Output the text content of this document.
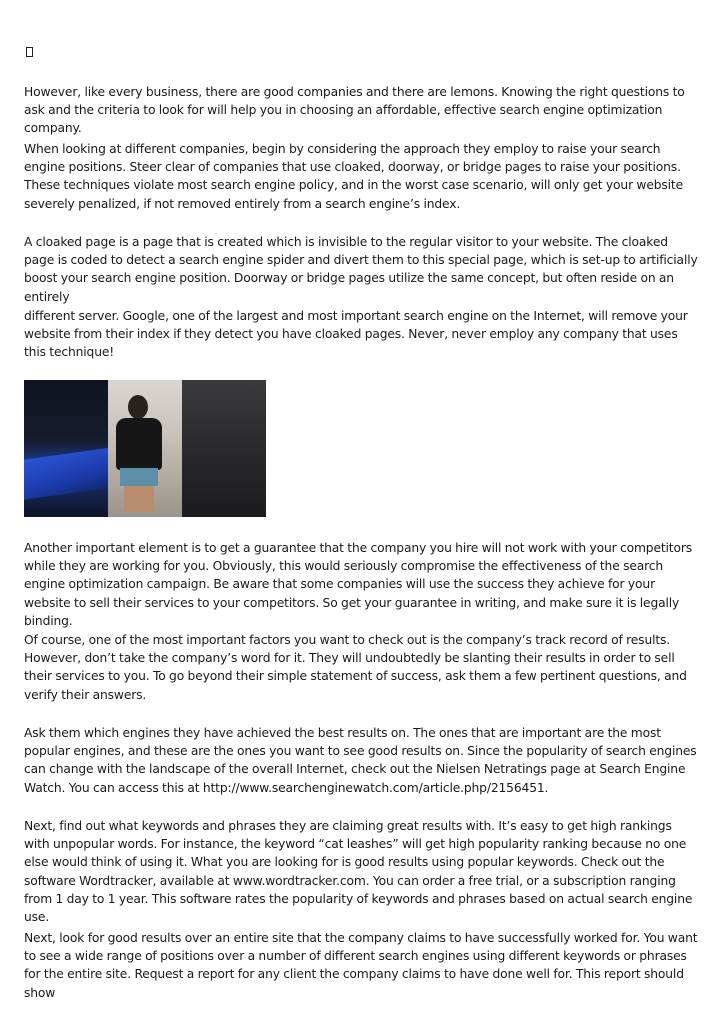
However, like every business, there are good companies and there are lemons. Knowing the right questions to ask and the criteria to look for will help you in choosing an affordable, effective search engine optimization company.

When looking at different companies, begin by considering the approach they employ to raise your search engine positions. Steer clear of companies that use cloaked, doorway, or bridge pages to raise your positions. These techniques violate most search engine policy, and in the worst case scenario, will only get your website severely penalized, if not removed entirely from a search engine’s index.

A cloaked page is a page that is created which is invisible to the regular visitor to your website. The cloaked page is coded to detect a search engine spider and divert them to this special page, which is set-up to artificially boost your search engine position. Doorway or bridge pages utilize the same concept, but often reside on an entirely

different server. Google, one of the largest and most important search engine on the Internet, will remove your website from their index if they detect you have cloaked pages. Never, never employ any company that uses this technique!

Another important element is to get a guarantee that the company you hire will not work with your competitors while they are working for you. Obviously, this would seriously compromise the effectiveness of the search engine optimization campaign. Be aware that some companies will use the success they achieve for your website to sell their services to your competitors. So get your guarantee in writing, and make sure it is legally binding.

Of course, one of the most important factors you want to check out is the company’s track record of results. However, don’t take the company’s word for it. They will undoubtedly be slanting their results in order to sell their services to you. To go beyond their simple statement of success, ask them a few pertinent questions, and verify their answers.

Ask them which engines they have achieved the best results on. The ones that are important are the most popular engines, and these are the ones you want to see good results on. Since the popularity of search engines can change with the landscape of the overall Internet, check out the Nielsen Netratings page at Search Engine Watch. You can access this at http://www.searchenginewatch.com/article.php/2156451.

Next, find out what keywords and phrases they are claiming great results with. It’s easy to get high rankings with unpopular words. For instance, the keyword “cat leashes” will get high popularity ranking because no one else would think of using it. What you are looking for is good results using popular keywords. Check out the software Wordtracker, available at www.wordtracker.com. You can order a free trial, or a subscription ranging from 1 day to 1 year. This software rates the popularity of keywords and phrases based on actual search engine use.

Next, look for good results over an entire site that the company claims to have successfully worked for. You want to see a wide range of positions over a number of different search engines using different keywords or phrases for the entire site. Request a report for any client the company claims to have done well for. This report should show
